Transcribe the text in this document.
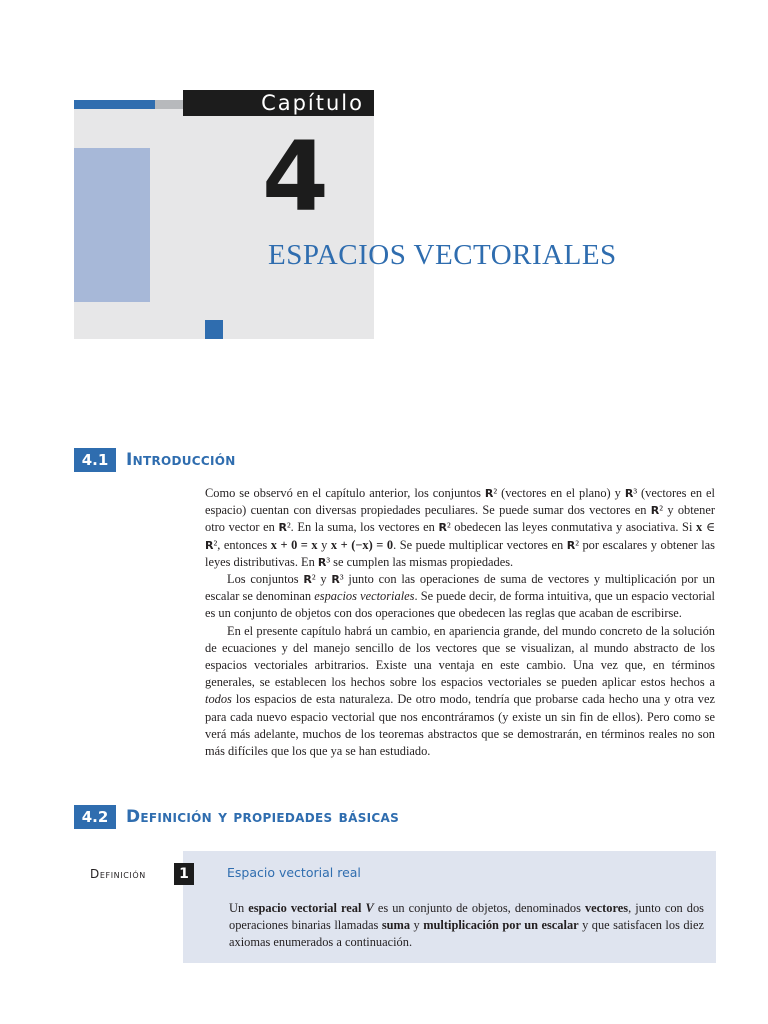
Capítulo
4
ESPACIOS VECTORIALES
4.1	Introducción

Como se observó en el capítulo anterior, los conjuntos R² (vectores en el plano) y R³ (vectores en el espacio) cuentan con diversas propiedades peculiares. Se puede sumar dos vectores en R² y obtener otro vector en R². En la suma, los vectores en R² obedecen las leyes conmutativa y asociativa. Si x ∈ R², entonces x + 0 = x y x + (−x) = 0. Se puede multiplicar vectores en R² por escalares y obtener las leyes distributivas. En R³ se cumplen las mismas propiedades.

Los conjuntos R² y R³ junto con las operaciones de suma de vectores y multiplicación por un escalar se denominan espacios vectoriales. Se puede decir, de forma intuitiva, que un espacio vectorial es un conjunto de objetos con dos operaciones que obedecen las reglas que acaban de escribirse.

En el presente capítulo habrá un cambio, en apariencia grande, del mundo concreto de la solución de ecuaciones y del manejo sencillo de los vectores que se visualizan, al mundo abstracto de los espacios vectoriales arbitrarios. Existe una ventaja en este cambio. Una vez que, en términos generales, se establecen los hechos sobre los espacios vectoriales se pueden aplicar estos hechos a todos los espacios de esta naturaleza. De otro modo, tendría que probarse cada hecho una y otra vez para cada nuevo espacio vectorial que nos encontráramos (y existe un sin fin de ellos). Pero como se verá más adelante, muchos de los teoremas abstractos que se demostrarán, en términos reales no son más difíciles que los que ya se han estudiado.

4.2	Definición y propiedades básicas
Espacio vectorial real
Un espacio vectorial real V es un conjunto de objetos, denominados vectores, junto con dos operaciones binarias llamadas suma y multiplicación por un escalar y que satisfacen los diez axiomas enumerados a continuación.
Definición	1
